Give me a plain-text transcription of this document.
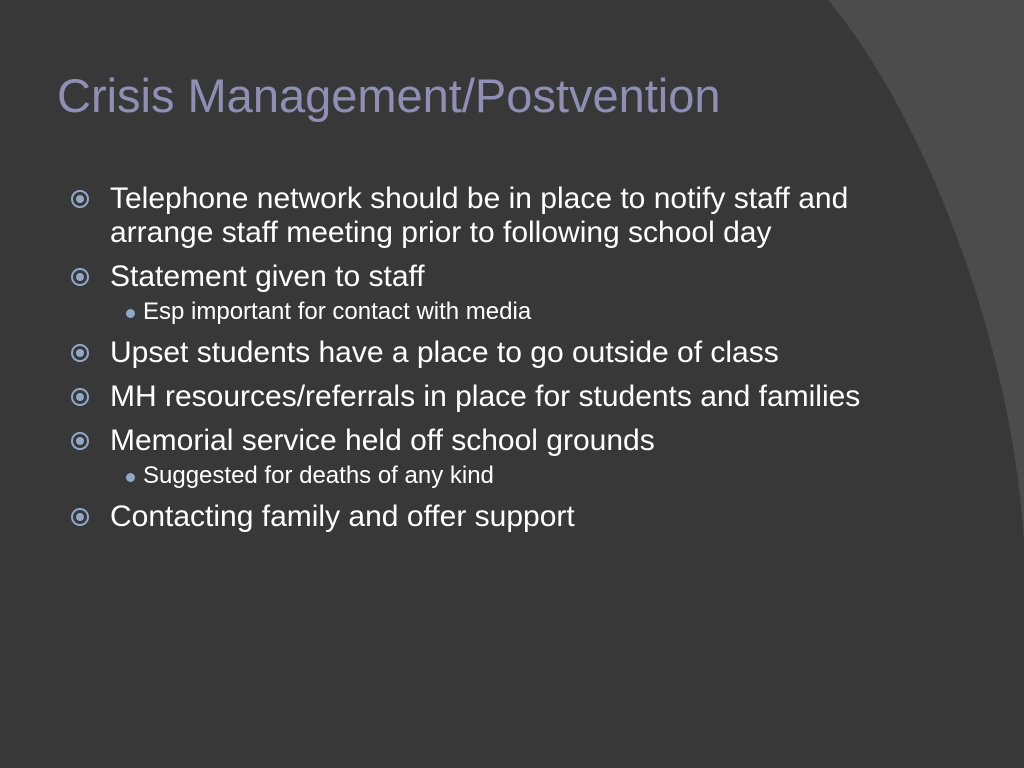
Crisis Management/Postvention
Telephone network should be in place to notify staff and arrange staff meeting prior to following school day
Statement given to staff
Esp important for contact with media
Upset students have a place to go outside of class
MH resources/referrals in place for students and families
Memorial service held off school grounds
Suggested for deaths of any kind
Contacting family and offer support
